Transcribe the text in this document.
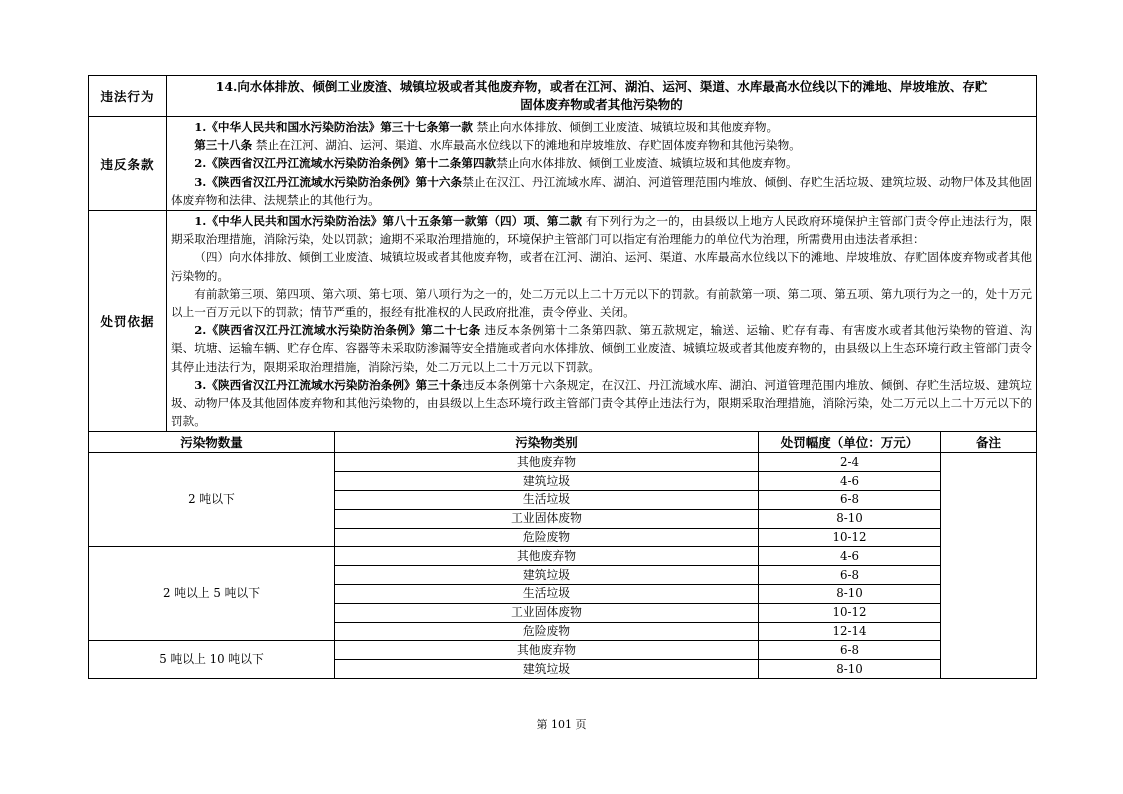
违法行为	14.向水体排放、倾倒工业废渣、城镇垃圾或者其他废弃物，或者在江河、湖泊、运河、渠道、水库最高水位线以下的滩地、岸坡堆放、存贮
固体废弃物或者其他污染物的

违反条款	1.《中华人民共和国水污染防治法》第三十七条第一款 禁止向水体排放、倾倒工业废渣、城镇垃圾和其他废弃物。

第三十八条 禁止在江河、湖泊、运河、渠道、水库最高水位线以下的滩地和岸坡堆放、存贮固体废弃物和其他污染物。

2.《陕西省汉江丹江流域水污染防治条例》第十二条第四款禁止向水体排放、倾倒工业废渣、城镇垃圾和其他废弃物。

3.《陕西省汉江丹江流域水污染防治条例》第十六条禁止在汉江、丹江流域水库、湖泊、河道管理范围内堆放、倾倒、存贮生活垃圾、建筑垃圾、动物尸体及其他固体废弃物和法律、法规禁止的其他行为。

处罚依据	1.《中华人民共和国水污染防治法》第八十五条第一款第（四）项、第二款 有下列行为之一的，由县级以上地方人民政府环境保护主管部门责令停止违法行为，限期采取治理措施，消除污染，处以罚款；逾期不采取治理措施的，环境保护主管部门可以指定有治理能力的单位代为治理，所需费用由违法者承担：

（四）向水体排放、倾倒工业废渣、城镇垃圾或者其他废弃物，或者在江河、湖泊、运河、渠道、水库最高水位线以下的滩地、岸坡堆放、存贮固体废弃物或者其他污染物的。

有前款第三项、第四项、第六项、第七项、第八项行为之一的，处二万元以上二十万元以下的罚款。有前款第一项、第二项、第五项、第九项行为之一的，处十万元以上一百万元以下的罚款；情节严重的，报经有批准权的人民政府批准，责令停业、关闭。

2.《陕西省汉江丹江流域水污染防治条例》第二十七条 违反本条例第十二条第四款、第五款规定，输送、运输、贮存有毒、有害废水或者其他污染物的管道、沟渠、坑塘、运输车辆、贮存仓库、容器等未采取防渗漏等安全措施或者向水体排放、倾倒工业废渣、城镇垃圾或者其他废弃物的，由县级以上生态环境行政主管部门责令其停止违法行为，限期采取治理措施，消除污染，处二万元以上二十万元以下罚款。

3.《陕西省汉江丹江流域水污染防治条例》第三十条违反本条例第十六条规定，在汉江、丹江流域水库、湖泊、河道管理范围内堆放、倾倒、存贮生活垃圾、建筑垃圾、动物尸体及其他固体废弃物和其他污染物的，由县级以上生态环境行政主管部门责令其停止违法行为，限期采取治理措施，消除污染，处二万元以上二十万元以下的罚款。

污染物数量	污染物类别	处罚幅度（单位：万元）	备注
2 吨以下	其他废弃物	2-4	
	建筑垃圾	4-6	
	生活垃圾	6-8	
	工业固体废物	8-10	
	危险废物	10-12	
2 吨以上 5 吨以下	其他废弃物	4-6	
	建筑垃圾	6-8	
	生活垃圾	8-10	
	工业固体废物	10-12	
	危险废物	12-14	
5 吨以上 10 吨以下	其他废弃物	6-8	
	建筑垃圾	8-10	
第 101 页
